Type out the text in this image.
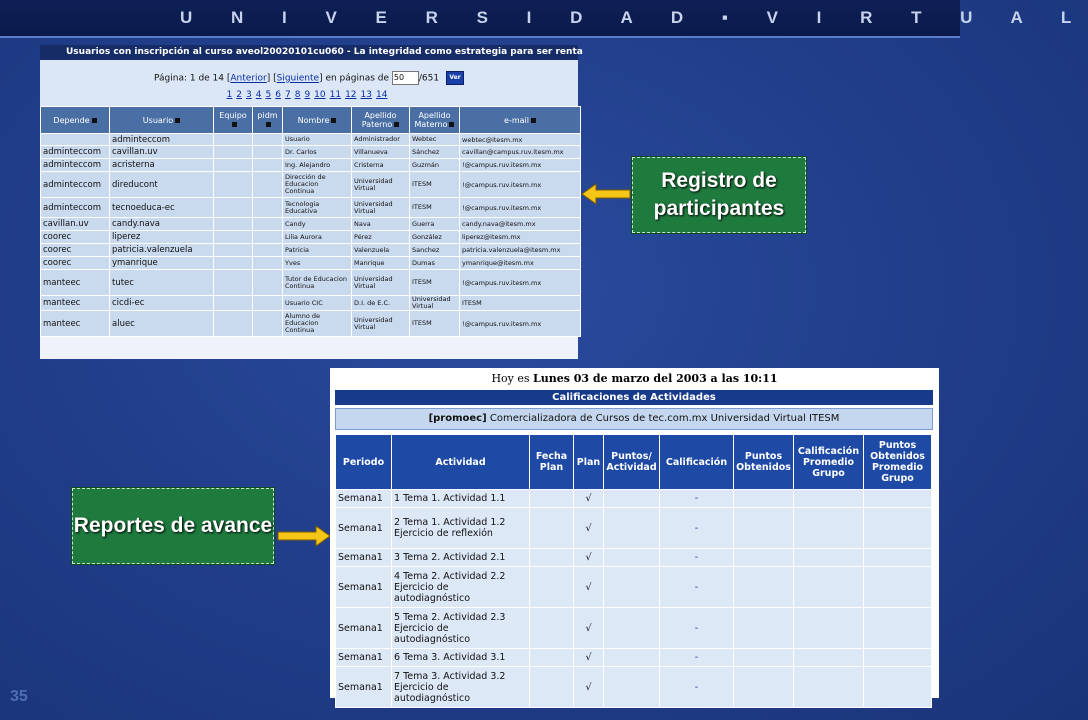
U N I V E R S I D A D ▪ V I R T U A L
Usuarios con inscripción al curso aveol20020101cu060 - La integridad como estrategia para ser renta
Página: 1 de 14 [Anterior] [Siguiente] en páginas de 50 /651 Ver
1 2 3 4 5 6 7 8 9 10 11 12 13 14
Depende	Usuario	Equipo	pidm	Nombre	Apellido Paterno	Apellido Materno	e-mail
	adminteccom			Usuario	Administrador	Webtec	webtec@itesm.mx
adminteccom	cavillan.uv			Dr. Carlos	Villanueva	Sánchez	cavillan@campus.ruv.itesm.mx
adminteccom	acristerna			Ing. Alejandro	Cristerna	Guzmán	!@campus.ruv.itesm.mx
adminteccom	direducont			Dirección de Educacion Continua	Universidad Virtual	ITESM	!@campus.ruv.itesm.mx
adminteccom	tecnoeduca-ec			Tecnologia Educativa	Universidad Virtual	ITESM	!@campus.ruv.itesm.mx
cavillan.uv	candy.nava			Candy	Nava	Guerra	candy.nava@itesm.mx
coorec	liperez			Lilia Aurora	Pérez	González	liperez@itesm.mx
coorec	patricia.valenzuela			Patricia	Valenzuela	Sanchez	patricia.valenzuela@itesm.mx
coorec	ymanrique			Yves	Manrique	Dumas	ymanrique@itesm.mx
manteec	tutec			Tutor de Educacion Continua	Universidad Virtual	ITESM	!@campus.ruv.itesm.mx
manteec	cicdi-ec			Usuario CIC	D.I. de E.C.	Universidad Virtual	ITESM
manteec	aluec			Alumno de Educacion Continua	Universidad Virtual	ITESM	!@campus.ruv.itesm.mx
Registro de participantes
Reportes de avance
Hoy es Lunes 03 de marzo del 2003 a las 10:11
Calificaciones de Actividades
[promoec] Comercializadora de Cursos de tec.com.mx Universidad Virtual ITESM
Periodo	Actividad	Fecha Plan	Plan	Puntos/ Actividad	Calificación	Puntos Obtenidos	Calificación Promedio Grupo	Puntos Obtenidos Promedio Grupo
Semana1	1 Tema 1. Actividad 1.1		√		-			
Semana1	2 Tema 1. Actividad 1.2 Ejercicio de reflexión		√		-			
Semana1	3 Tema 2. Actividad 2.1		√		-			
Semana1	4 Tema 2. Actividad 2.2 Ejercicio de autodiagnóstico		√		-			
Semana1	5 Tema 2. Actividad 2.3 Ejercicio de autodiagnóstico		√		-			
Semana1	6 Tema 3. Actividad 3.1		√		-			
Semana1	7 Tema 3. Actividad 3.2 Ejercicio de autodiagnóstico		√		-			
35
